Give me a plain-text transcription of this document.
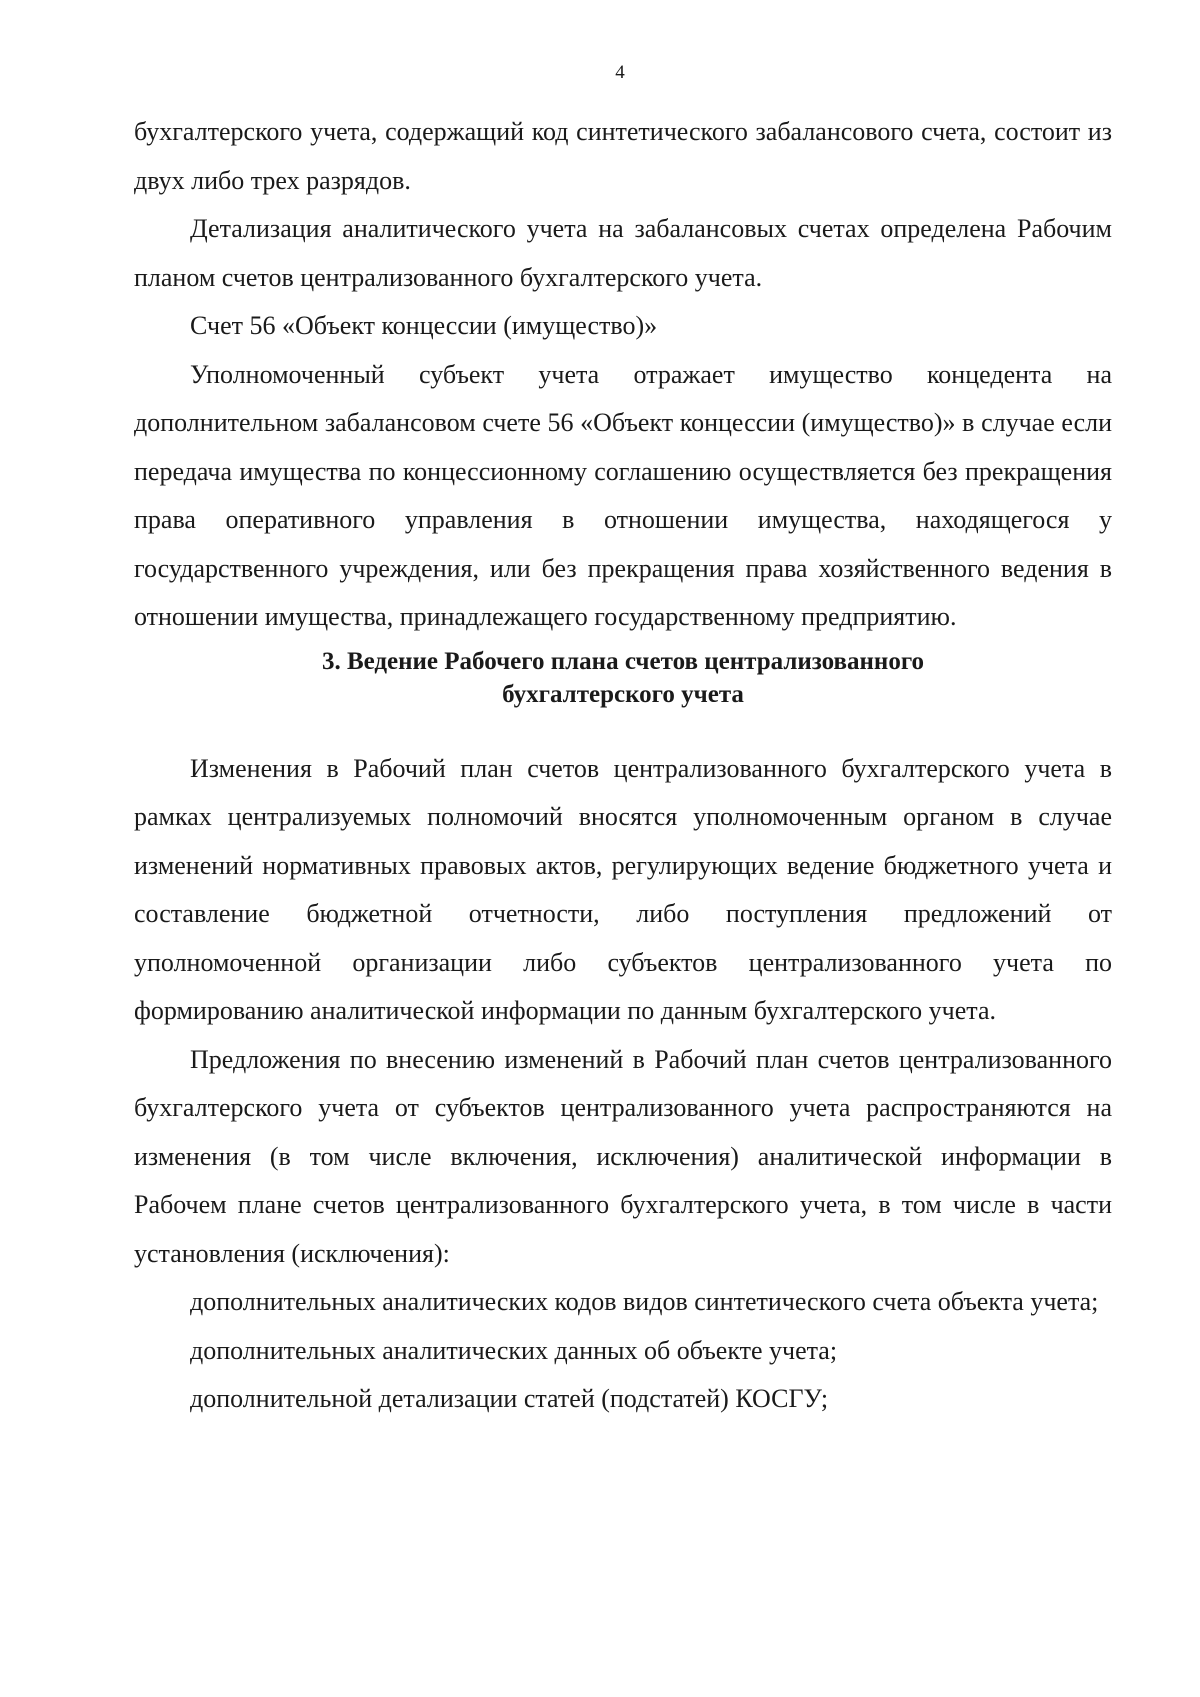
4

бухгалтерского учета, содержащий код синтетического забалансового счета, состоит из двух либо трех разрядов.

Детализация аналитического учета на забалансовых счетах определена Рабочим планом счетов централизованного бухгалтерского учета.

Счет 56 «Объект концессии (имущество)»

Уполномоченный субъект учета отражает имущество концедента на дополнительном забалансовом счете 56 «Объект концессии (имущество)» в случае если передача имущества по концессионному соглашению осуществляется без прекращения права оперативного управления в отношении имущества, находящегося у государственного учреждения, или без прекращения права хозяйственного ведения в отношении имущества, принадлежащего государственному предприятию.

3. Ведение Рабочего плана счетов централизованного
бухгалтерского учета

Изменения в Рабочий план счетов централизованного бухгалтерского учета в рамках централизуемых полномочий вносятся уполномоченным органом в случае изменений нормативных правовых актов, регулирующих ведение бюджетного учета и составление бюджетной отчетности, либо поступления предложений от уполномоченной организации либо субъектов централизованного учета по формированию аналитической информации по данным бухгалтерского учета.

Предложения по внесению изменений в Рабочий план счетов централизованного бухгалтерского учета от субъектов централизованного учета распространяются на изменения (в том числе включения, исключения) аналитической информации в Рабочем плане счетов централизованного бухгалтерского учета, в том числе в части установления (исключения):

дополнительных аналитических кодов видов синтетического счета объекта учета;

дополнительных аналитических данных об объекте учета;

дополнительной детализации статей (подстатей) КОСГУ;
